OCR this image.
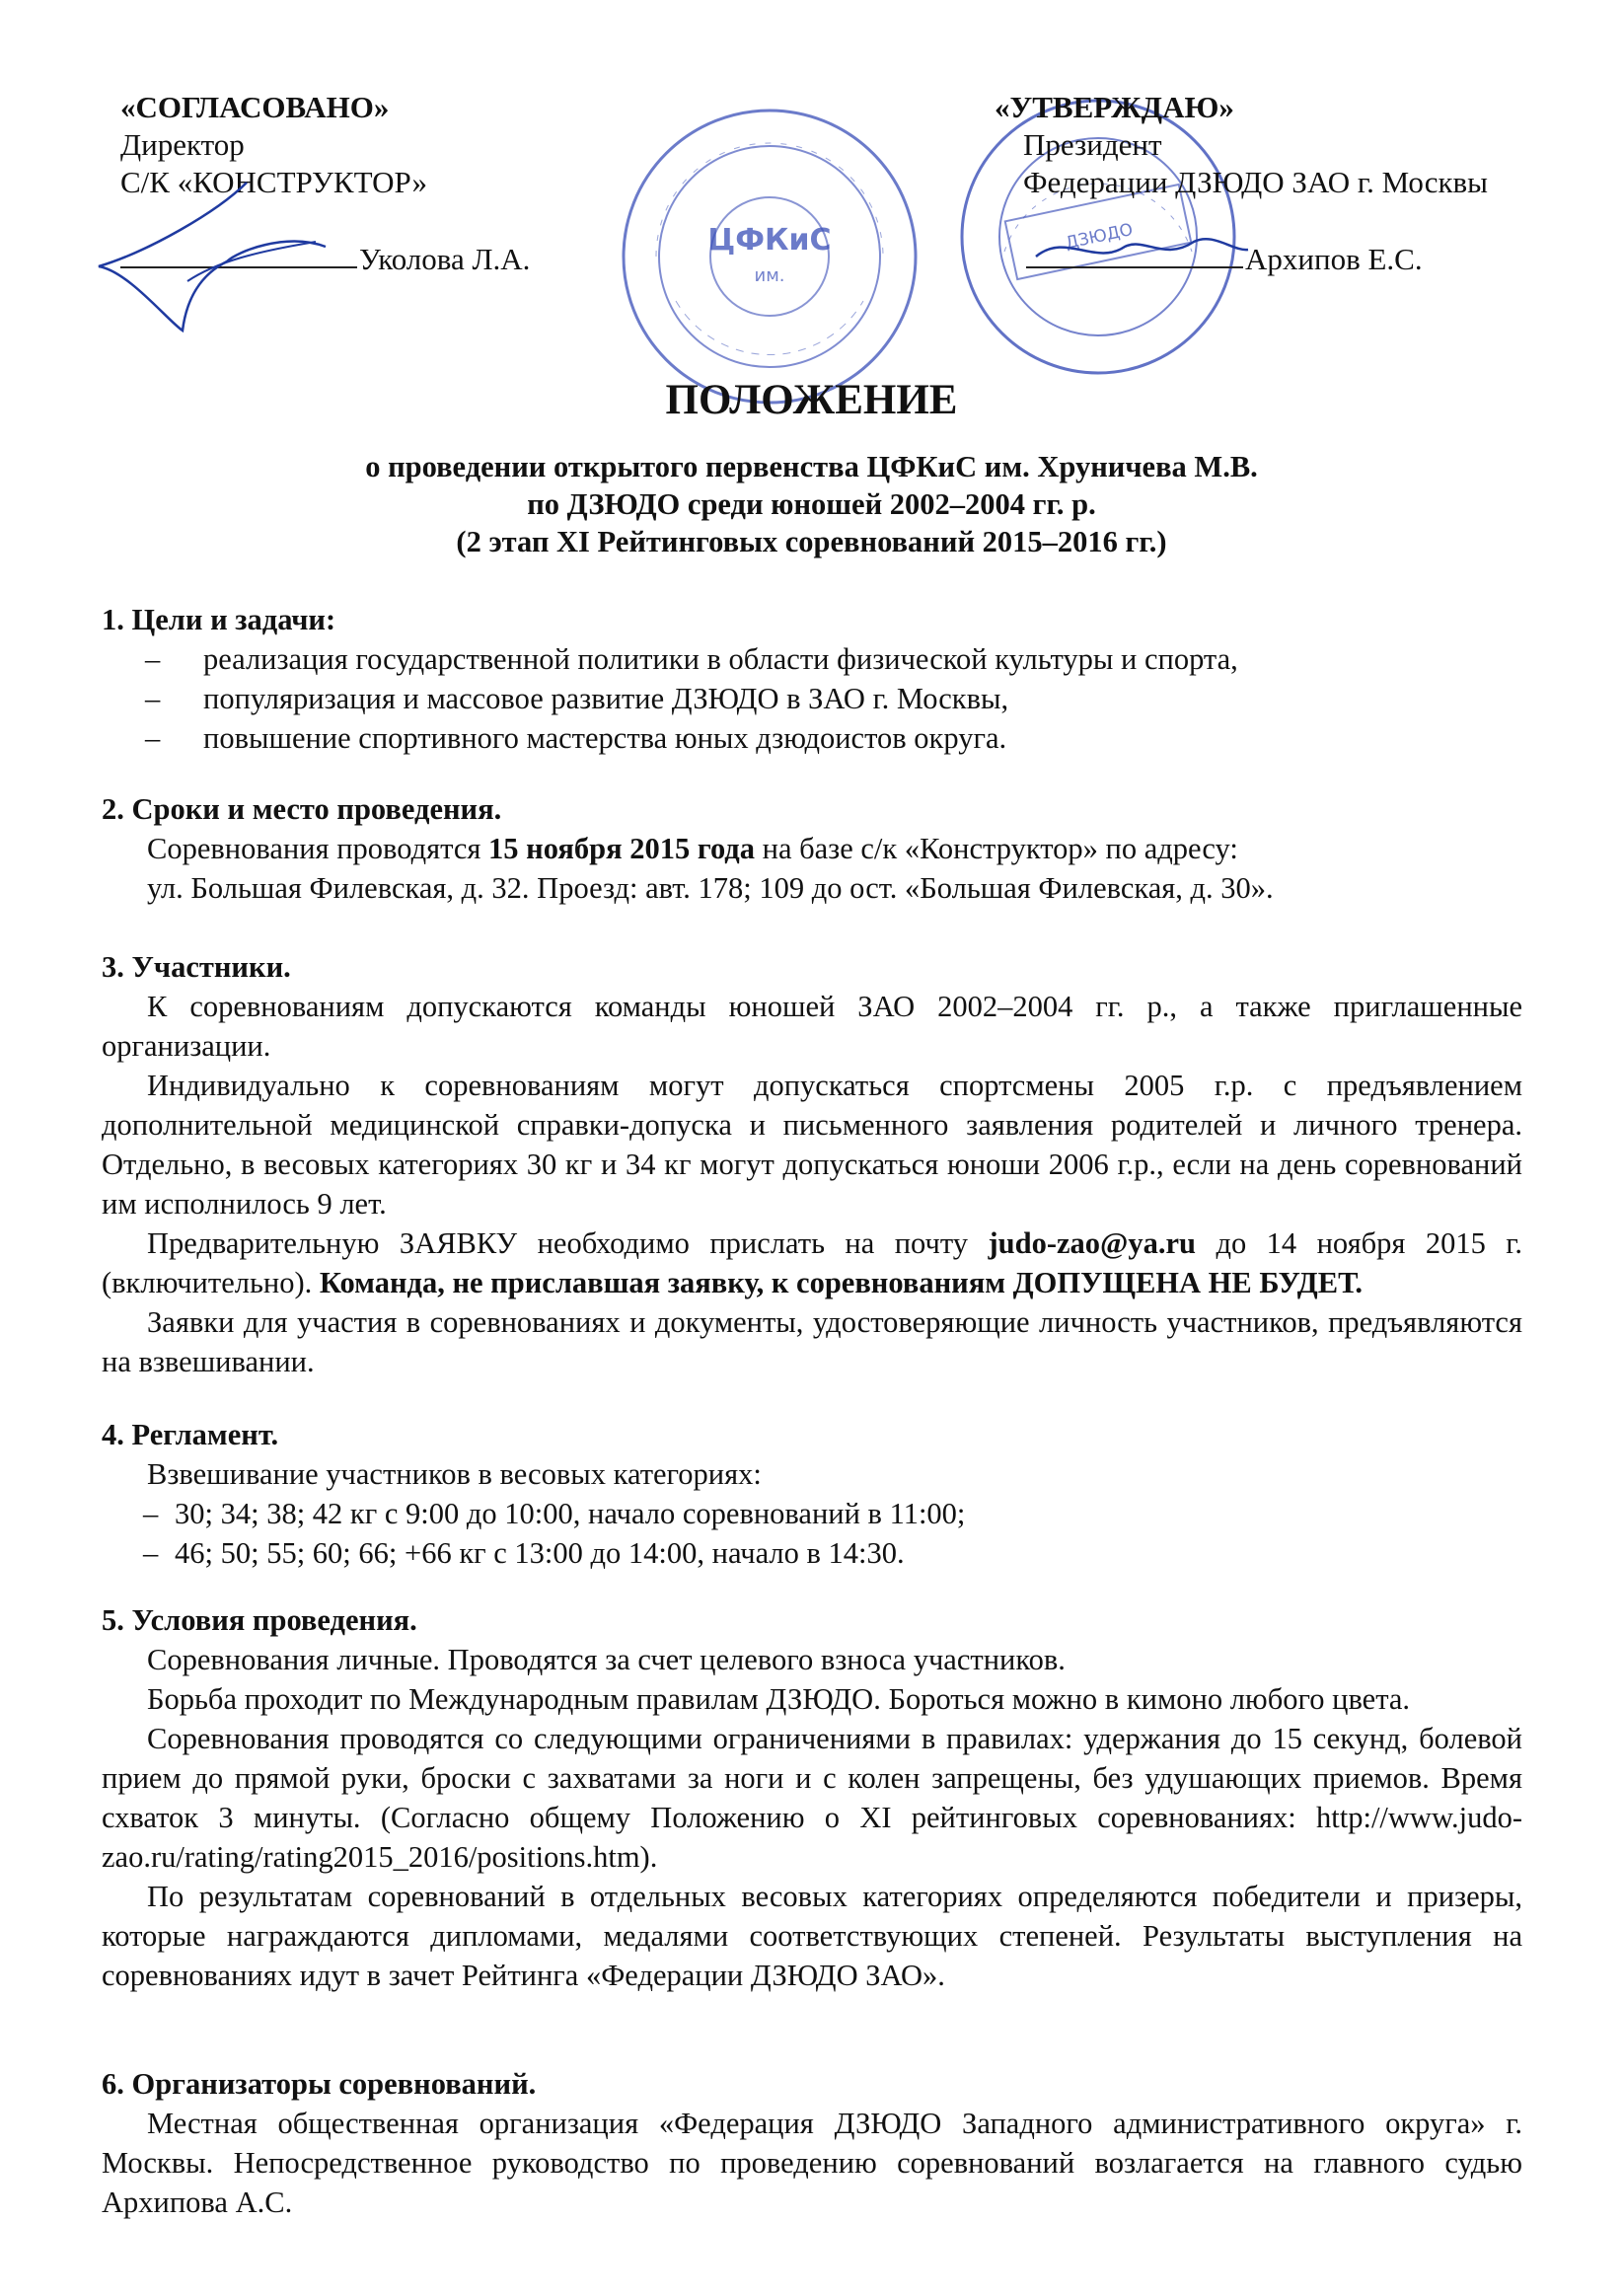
ЦФКиС
им.
ДЗЮДО
«СОГЛАСОВАНО»
Директор
С/К «КОНСТРУКТОР»
Уколова Л.А.
«УТВЕРЖДАЮ»
Президент
Федерации ДЗЮДО ЗАО г. Москвы
Архипов Е.С.
ПОЛОЖЕНИЕ
о проведении открытого первенства ЦФКиС им. Хруничева М.В.
по ДЗЮДО среди юношей 2002–2004 гг. р.
(2 этап XI Рейтинговых соревнований 2015–2016 гг.)
1. Цели и задачи:
– реализация государственной политики в области физической культуры и спорта,
– популяризация и массовое развитие ДЗЮДО в ЗАО г. Москвы,
– повышение спортивного мастерства юных дзюдоистов округа.
2. Сроки и место проведения.

Соревнования проводятся 15 ноября 2015 года на базе с/к «Конструктор» по адресу:

ул. Большая Филевская, д. 32. Проезд: авт. 178; 109 до ост. «Большая Филевская, д. 30».

3. Участники.

К соревнованиям допускаются команды юношей ЗАО 2002–2004 гг. р., а также приглашенные организации.

Индивидуально к соревнованиям могут допускаться спортсмены 2005 г.р. с предъявлением дополнительной медицинской справки-допуска и письменного заявления родителей и личного тренера. Отдельно, в весовых категориях 30 кг и 34 кг могут допускаться юноши 2006 г.р., если на день соревнований им исполнилось 9 лет.

Предварительную ЗАЯВКУ необходимо прислать на почту judo-zao@ya.ru до 14 ноября 2015 г. (включительно). Команда, не приславшая заявку, к соревнованиям ДОПУЩЕНА НЕ БУДЕТ.

Заявки для участия в соревнованиях и документы, удостоверяющие личность участников, предъявляются на взвешивании.

4. Регламент.

Взвешивание участников в весовых категориях:

– 30; 34; 38; 42 кг с 9:00 до 10:00, начало соревнований в 11:00;
– 46; 50; 55; 60; 66; +66 кг с 13:00 до 14:00, начало в 14:30.
5. Условия проведения.

Соревнования личные. Проводятся за счет целевого взноса участников.

Борьба проходит по Международным правилам ДЗЮДО. Бороться можно в кимоно любого цвета.

Соревнования проводятся со следующими ограничениями в правилах: удержания до 15 секунд, болевой прием до прямой руки, броски с захватами за ноги и с колен запрещены, без удушающих приемов. Время схваток 3 минуты. (Согласно общему Положению о XI рейтинговых соревнованиях: http://www.judo-zao.ru/rating/rating2015_2016/positions.htm).

По результатам соревнований в отдельных весовых категориях определяются победители и призеры, которые награждаются дипломами, медалями соответствующих степеней. Результаты выступления на соревнованиях идут в зачет Рейтинга «Федерации ДЗЮДО ЗАО».

6. Организаторы соревнований.

Местная общественная организация «Федерация ДЗЮДО Западного административного округа» г. Москвы. Непосредственное руководство по проведению соревнований возлагается на главного судью Архипова А.С.
